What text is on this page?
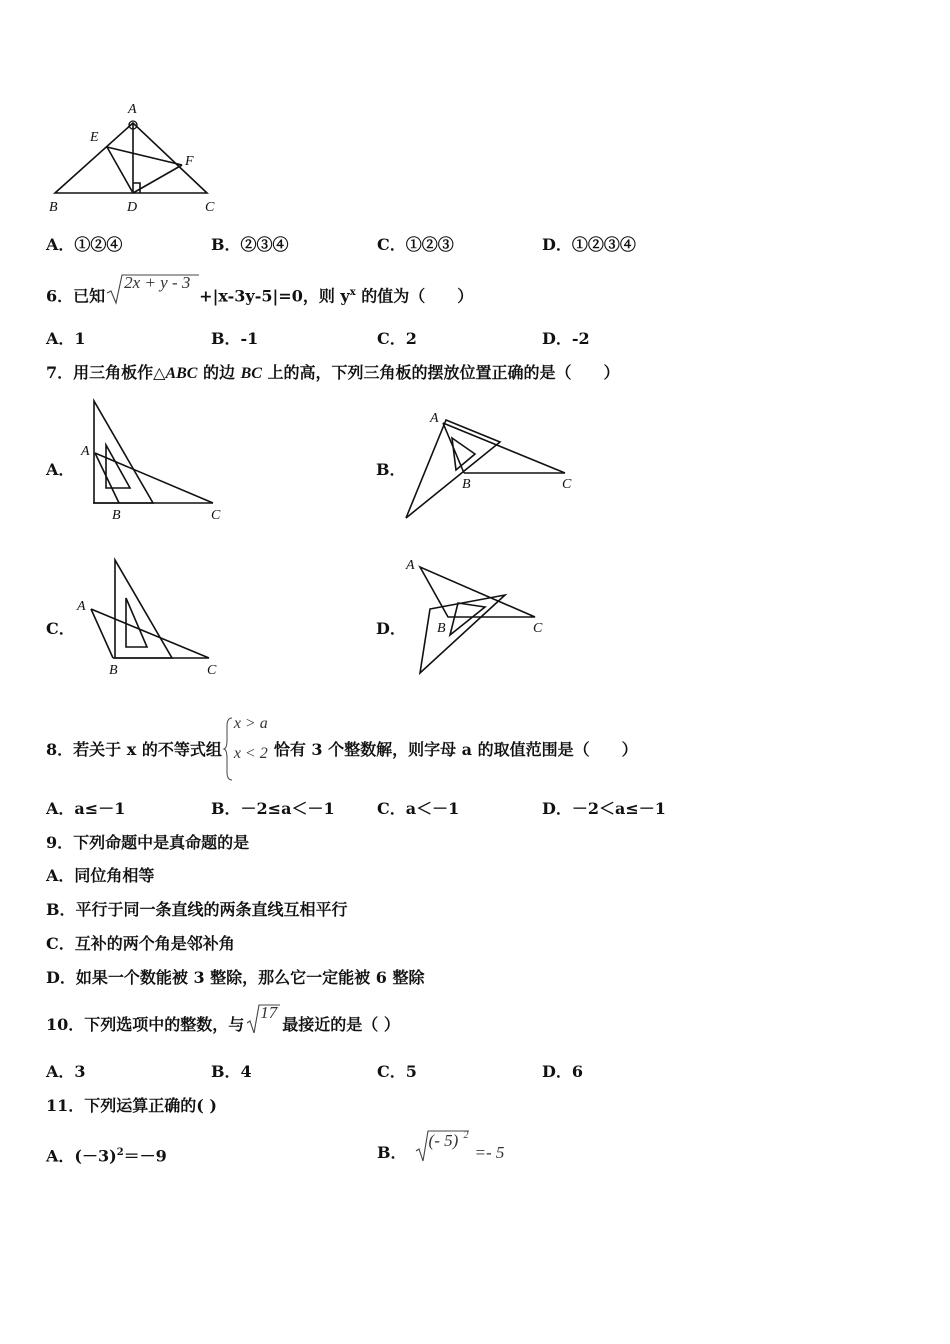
A
E
F
B	D	C
A．①②④	B．②③④	C．①②③	D．①②③④
6．已知
2x + y - 3
+|x-3y-5|=0，则 $y^x$ 的值为（　　）
A．1	B．-1	C．2	D．-2
7．用三角板作△ABC 的边 BC 上的高，下列三角板的摆放位置正确的是（　　）
A．
A
B	C
B．
A
B	C
C．
A
B	C
D．
A
B	C
8．若关于 x 的不等式组
x > a
x < 2 恰有 3 个整数解，则字母 a 的取值范围是（　　）
A．a≤－1	B．－2≤a＜－1	C．a＜－1	D．－2＜a≤－1
9．下列命题中是真命题的是
A．同位角相等
B．平行于同一条直线的两条直线互相平行
C．互补的两个角是邻补角
D．如果一个数能被 3 整除，那么它一定能被 6 整除
10．下列选项中的整数，与
17
最接近的是（ ）
A．3	B．4	C．5	D．6
11．下列运算正确的( )
A．$(-3)^2=-9$	B．
(- 5) 2
=- 5
